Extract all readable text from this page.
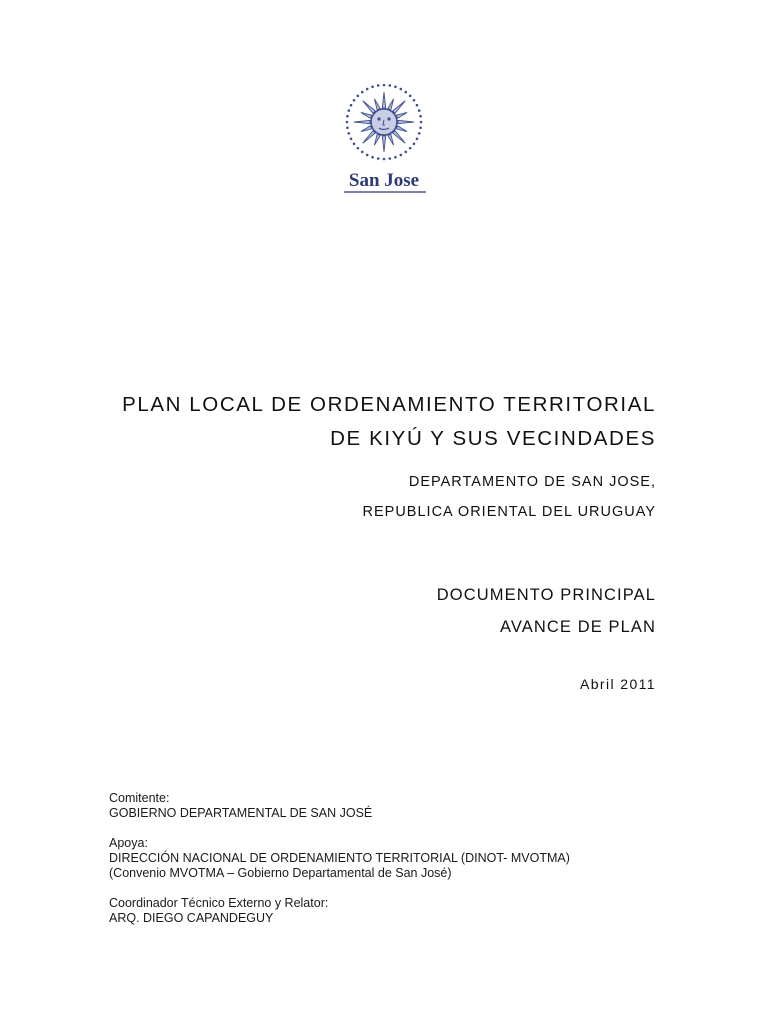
San Jose
PLAN LOCAL DE ORDENAMIENTO TERRITORIAL
DE KIYÚ Y SUS VECINDADES
DEPARTAMENTO DE SAN JOSE,
REPUBLICA ORIENTAL DEL URUGUAY
DOCUMENTO PRINCIPAL
AVANCE DE PLAN
Abril 2011
Comitente:
GOBIERNO DEPARTAMENTAL DE SAN JOSÉ
Apoya:
DIRECCIÓN NACIONAL DE ORDENAMIENTO TERRITORIAL (DINOT- MVOTMA)
(Convenio MVOTMA – Gobierno Departamental de San José)
Coordinador Técnico Externo y Relator:
ARQ. DIEGO CAPANDEGUY
